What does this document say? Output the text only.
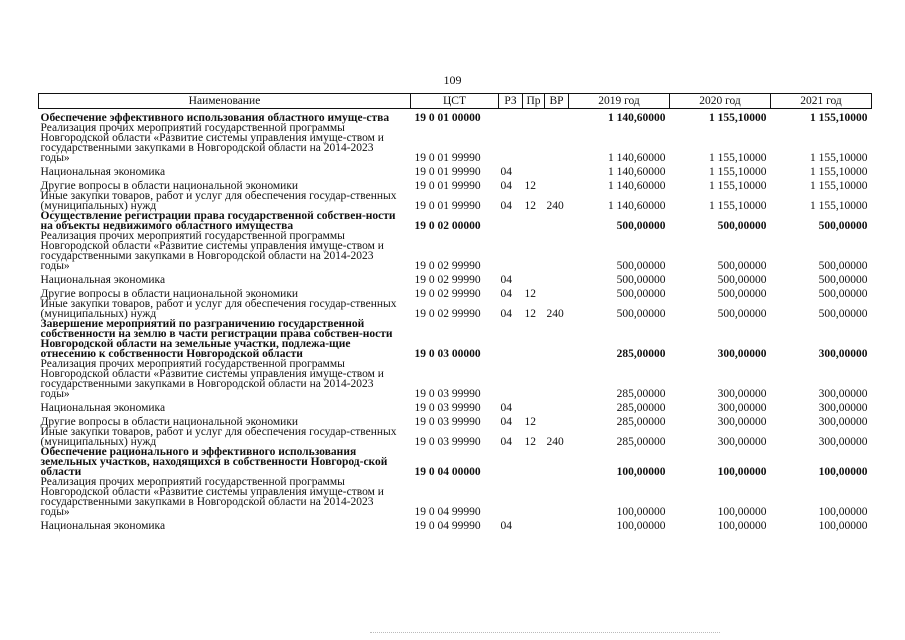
109
Наименование	ЦСТ	РЗ	Пр	ВР	2019 год	2020 год	2021 год
Обеспечение эффективного использования областного имуще-ства	19 0 01 00000				1 140,60000	1 155,10000	1 155,10000
Реализация прочих мероприятий государственной программы Новгородской области «Развитие системы управления имуще-ством и государственными закупками в Новгородской области на 2014-2023 годы»	19 0 01 99990				1 140,60000	1 155,10000	1 155,10000
Национальная экономика	19 0 01 99990	04			1 140,60000	1 155,10000	1 155,10000
Другие вопросы в области национальной экономики	19 0 01 99990	04	12		1 140,60000	1 155,10000	1 155,10000
Иные закупки товаров, работ и услуг для обеспечения государ-ственных (муниципальных) нужд	19 0 01 99990	04	12	240	1 140,60000	1 155,10000	1 155,10000
Осуществление регистрации права государственной собствен-ности на объекты недвижимого областного имущества	19 0 02 00000				500,00000	500,00000	500,00000
Реализация прочих мероприятий государственной программы Новгородской области «Развитие системы управления имуще-ством и государственными закупками в Новгородской области на 2014-2023 годы»	19 0 02 99990				500,00000	500,00000	500,00000
Национальная экономика	19 0 02 99990	04			500,00000	500,00000	500,00000
Другие вопросы в области национальной экономики	19 0 02 99990	04	12		500,00000	500,00000	500,00000
Иные закупки товаров, работ и услуг для обеспечения государ-ственных (муниципальных) нужд	19 0 02 99990	04	12	240	500,00000	500,00000	500,00000
Завершение мероприятий по разграничению государственной собственности на землю в части регистрации права собствен-ности Новгородской области на земельные участки, подлежа-щие отнесению к собственности Новгородской области	19 0 03 00000				285,00000	300,00000	300,00000
Реализация прочих мероприятий государственной программы Новгородской области «Развитие системы управления имуще-ством и государственными закупками в Новгородской области на 2014-2023 годы»	19 0 03 99990				285,00000	300,00000	300,00000
Национальная экономика	19 0 03 99990	04			285,00000	300,00000	300,00000
Другие вопросы в области национальной экономики	19 0 03 99990	04	12		285,00000	300,00000	300,00000
Иные закупки товаров, работ и услуг для обеспечения государ-ственных (муниципальных) нужд	19 0 03 99990	04	12	240	285,00000	300,00000	300,00000
Обеспечение рационального и эффективного использования земельных участков, находящихся в собственности Новгород-ской области	19 0 04 00000				100,00000	100,00000	100,00000
Реализация прочих мероприятий государственной программы Новгородской области «Развитие системы управления имуще-ством и государственными закупками в Новгородской области на 2014-2023 годы»	19 0 04 99990				100,00000	100,00000	100,00000
Национальная экономика	19 0 04 99990	04			100,00000	100,00000	100,00000
